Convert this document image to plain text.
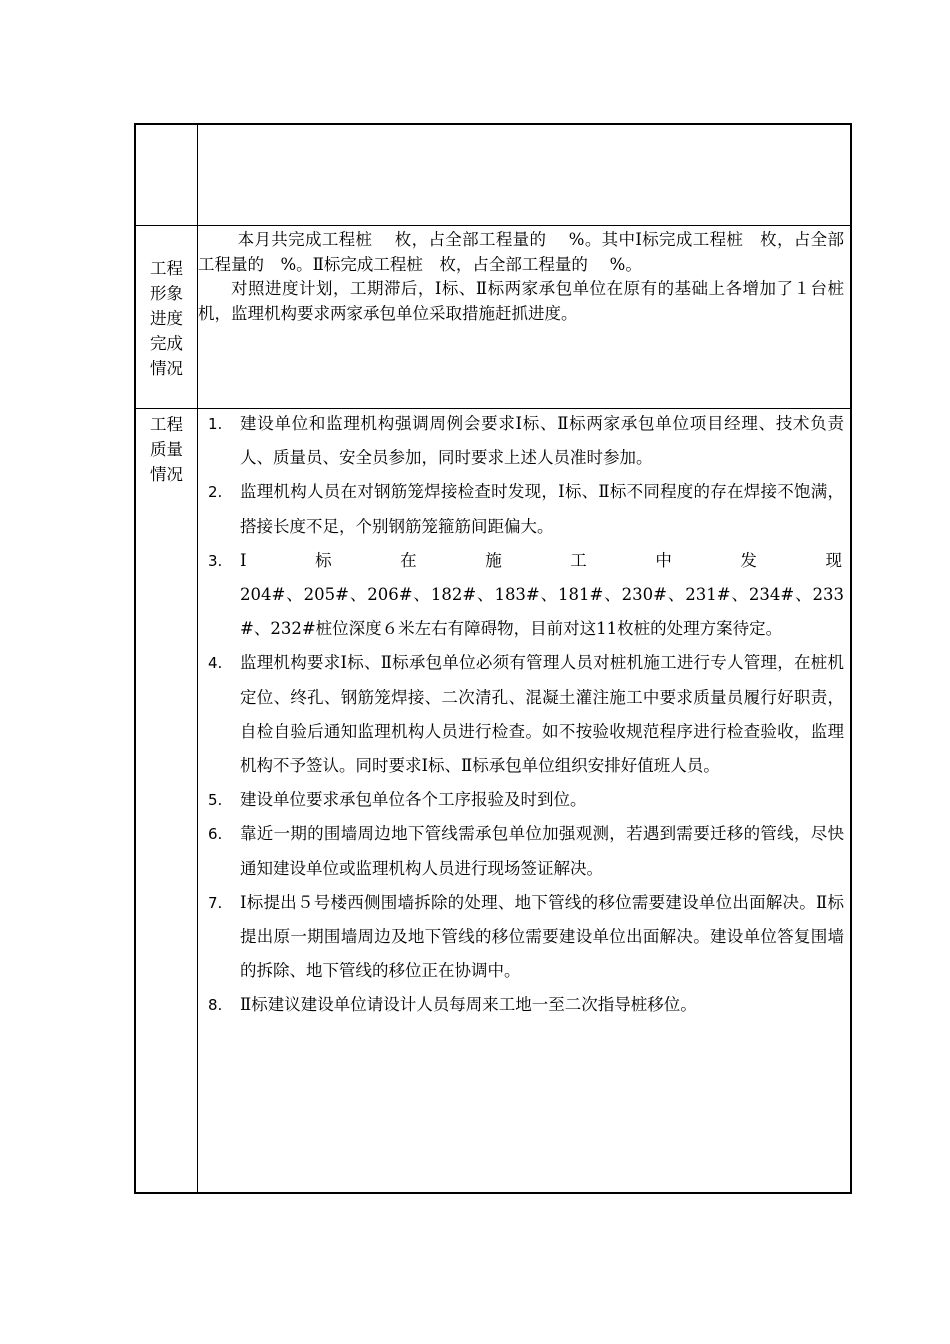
工程
形象
进度
完成
情况

本月共完成工程桩　 枚，占全部工程量的　 %。其中Ⅰ标完成工程桩　枚，占全部工程量的　%。Ⅱ标完成工程桩　枚，占全部工程量的　 %。

对照进度计划，工期滞后，Ⅰ标、Ⅱ标两家承包单位在原有的基础上各增加了１台桩机，监理机构要求两家承包单位采取措施赶抓进度。

工程
质量
情况
1. 建设单位和监理机构强调周例会要求Ⅰ标、Ⅱ标两家承包单位项目经理、技术负责人、质量员、安全员参加，同时要求上述人员准时参加。
2. 监理机构人员在对钢筋笼焊接检查时发现，Ⅰ标、Ⅱ标不同程度的存在焊接不饱满，搭接长度不足，个别钢筋笼箍筋间距偏大。
3. Ⅰ	标	在	施	工	中	发	现
204#、205#、206#、182#、183#、181#、230#、231#、234#、233#、232#桩位深度６米左右有障碍物，目前对这11枚桩的处理方案待定。
4. 监理机构要求Ⅰ标、Ⅱ标承包单位必须有管理人员对桩机施工进行专人管理，在桩机定位、终孔、钢筋笼焊接、二次清孔、混凝土灌注施工中要求质量员履行好职责，自检自验后通知监理机构人员进行检查。如不按验收规范程序进行检查验收，监理机构不予签认。同时要求Ⅰ标、Ⅱ标承包单位组织安排好值班人员。
5. 建设单位要求承包单位各个工序报验及时到位。
6. 靠近一期的围墙周边地下管线需承包单位加强观测，若遇到需要迁移的管线，尽快通知建设单位或监理机构人员进行现场签证解决。
7. Ⅰ标提出５号楼西侧围墙拆除的处理、地下管线的移位需要建设单位出面解决。Ⅱ标提出原一期围墙周边及地下管线的移位需要建设单位出面解决。建设单位答复围墙的拆除、地下管线的移位正在协调中。
8. Ⅱ标建议建设单位请设计人员每周来工地一至二次指导桩移位。
